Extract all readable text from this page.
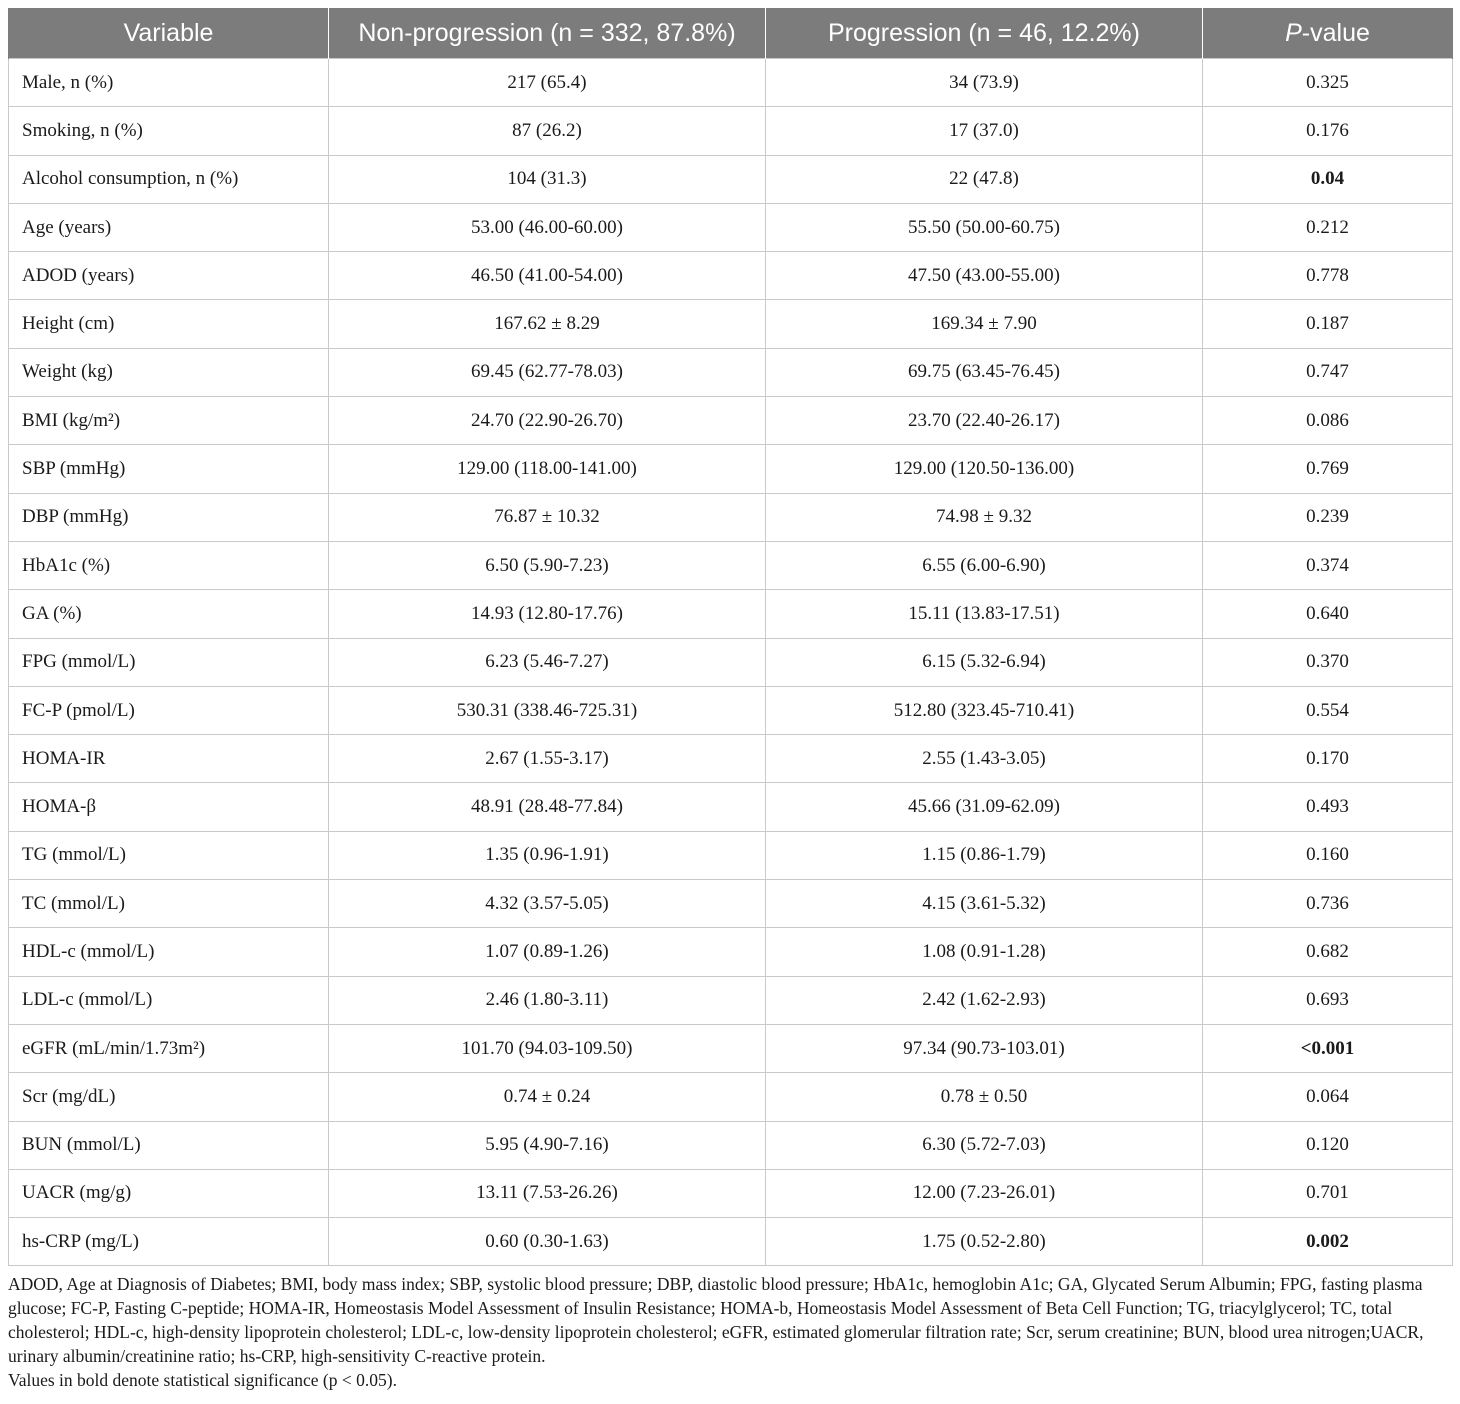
Variable	Non-progression (n = 332, 87.8%)	Progression (n = 46, 12.2%)	P-value
Male, n (%)	217 (65.4)	34 (73.9)	0.325
Smoking, n (%)	87 (26.2)	17 (37.0)	0.176
Alcohol consumption, n (%)	104 (31.3)	22 (47.8)	0.04
Age (years)	53.00 (46.00-60.00)	55.50 (50.00-60.75)	0.212
ADOD (years)	46.50 (41.00-54.00)	47.50 (43.00-55.00)	0.778
Height (cm)	167.62 ± 8.29	169.34 ± 7.90	0.187
Weight (kg)	69.45 (62.77-78.03)	69.75 (63.45-76.45)	0.747
BMI (kg/m²)	24.70 (22.90-26.70)	23.70 (22.40-26.17)	0.086
SBP (mmHg)	129.00 (118.00-141.00)	129.00 (120.50-136.00)	0.769
DBP (mmHg)	76.87 ± 10.32	74.98 ± 9.32	0.239
HbA1c (%)	6.50 (5.90-7.23)	6.55 (6.00-6.90)	0.374
GA (%)	14.93 (12.80-17.76)	15.11 (13.83-17.51)	0.640
FPG (mmol/L)	6.23 (5.46-7.27)	6.15 (5.32-6.94)	0.370
FC-P (pmol/L)	530.31 (338.46-725.31)	512.80 (323.45-710.41)	0.554
HOMA-IR	2.67 (1.55-3.17)	2.55 (1.43-3.05)	0.170
HOMA-β	48.91 (28.48-77.84)	45.66 (31.09-62.09)	0.493
TG (mmol/L)	1.35 (0.96-1.91)	1.15 (0.86-1.79)	0.160
TC (mmol/L)	4.32 (3.57-5.05)	4.15 (3.61-5.32)	0.736
HDL-c (mmol/L)	1.07 (0.89-1.26)	1.08 (0.91-1.28)	0.682
LDL-c (mmol/L)	2.46 (1.80-3.11)	2.42 (1.62-2.93)	0.693
eGFR (mL/min/1.73m²)	101.70 (94.03-109.50)	97.34 (90.73-103.01)	<0.001
Scr (mg/dL)	0.74 ± 0.24	0.78 ± 0.50	0.064
BUN (mmol/L)	5.95 (4.90-7.16)	6.30 (5.72-7.03)	0.120
UACR (mg/g)	13.11 (7.53-26.26)	12.00 (7.23-26.01)	0.701
hs-CRP (mg/L)	0.60 (0.30-1.63)	1.75 (0.52-2.80)	0.002

ADOD, Age at Diagnosis of Diabetes; BMI, body mass index; SBP, systolic blood pressure; DBP, diastolic blood pressure; HbA1c, hemoglobin A1c; GA, Glycated Serum Albumin; FPG, fasting plasma glucose; FC-P, Fasting C-peptide; HOMA-IR, Homeostasis Model Assessment of Insulin Resistance; HOMA-b, Homeostasis Model Assessment of Beta Cell Function; TG, triacylglycerol; TC, total cholesterol; HDL-c, high-density lipoprotein cholesterol; LDL-c, low-density lipoprotein cholesterol; eGFR, estimated glomerular filtration rate; Scr, serum creatinine; BUN, blood urea nitrogen;UACR, urinary albumin/creatinine ratio; hs-CRP, high-sensitivity C-reactive protein.

Values in bold denote statistical significance (p < 0.05).
